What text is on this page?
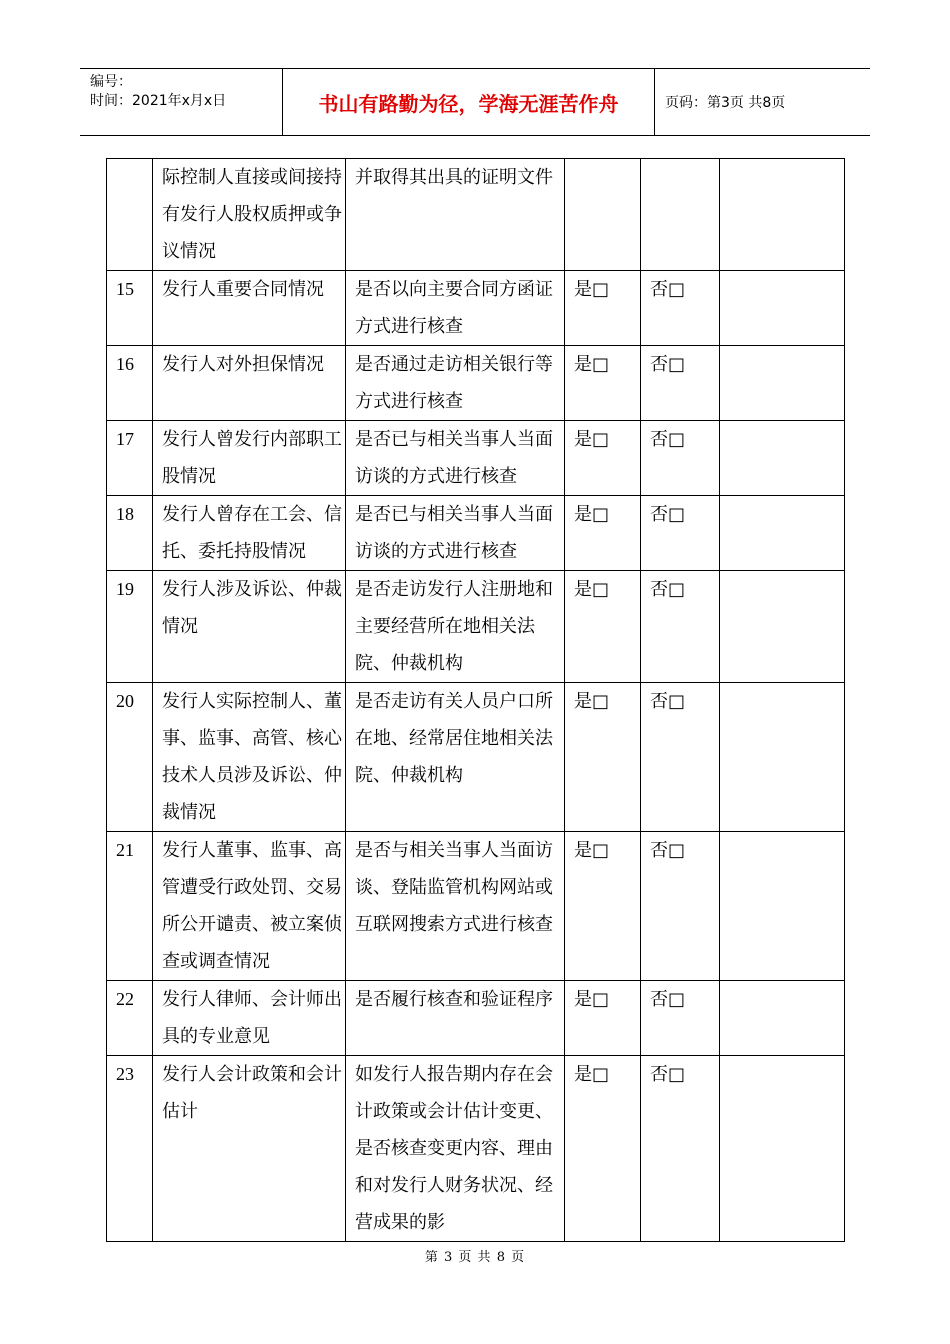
编号：
时间：2021年x月x日	书山有路勤为径，学海无涯苦作舟	页码：第3页 共8页
	际控制人直接或间接持有发行人股权质押或争议情况	并取得其出具的证明文件			
15	发行人重要合同情况	是否以向主要合同方函证方式进行核查	是□	否□	
16	发行人对外担保情况	是否通过走访相关银行等方式进行核查	是□	否□	
17	发行人曾发行内部职工股情况	是否已与相关当事人当面访谈的方式进行核查	是□	否□	
18	发行人曾存在工会、信托、委托持股情况	是否已与相关当事人当面访谈的方式进行核查	是□	否□	
19	发行人涉及诉讼、仲裁情况	是否走访发行人注册地和主要经营所在地相关法院、仲裁机构	是□	否□	
20	发行人实际控制人、董事、监事、高管、核心技术人员涉及诉讼、仲裁情况	是否走访有关人员户口所在地、经常居住地相关法院、仲裁机构	是□	否□	
21	发行人董事、监事、高管遭受行政处罚、交易所公开谴责、被立案侦查或调查情况	是否与相关当事人当面访谈、登陆监管机构网站或互联网搜索方式进行核查	是□	否□	
22	发行人律师、会计师出具的专业意见	是否履行核查和验证程序	是□	否□	
23	发行人会计政策和会计估计	如发行人报告期内存在会计政策或会计估计变更、是否核查变更内容、理由和对发行人财务状况、经营成果的影	是□	否□	
第 3 页 共 8 页
